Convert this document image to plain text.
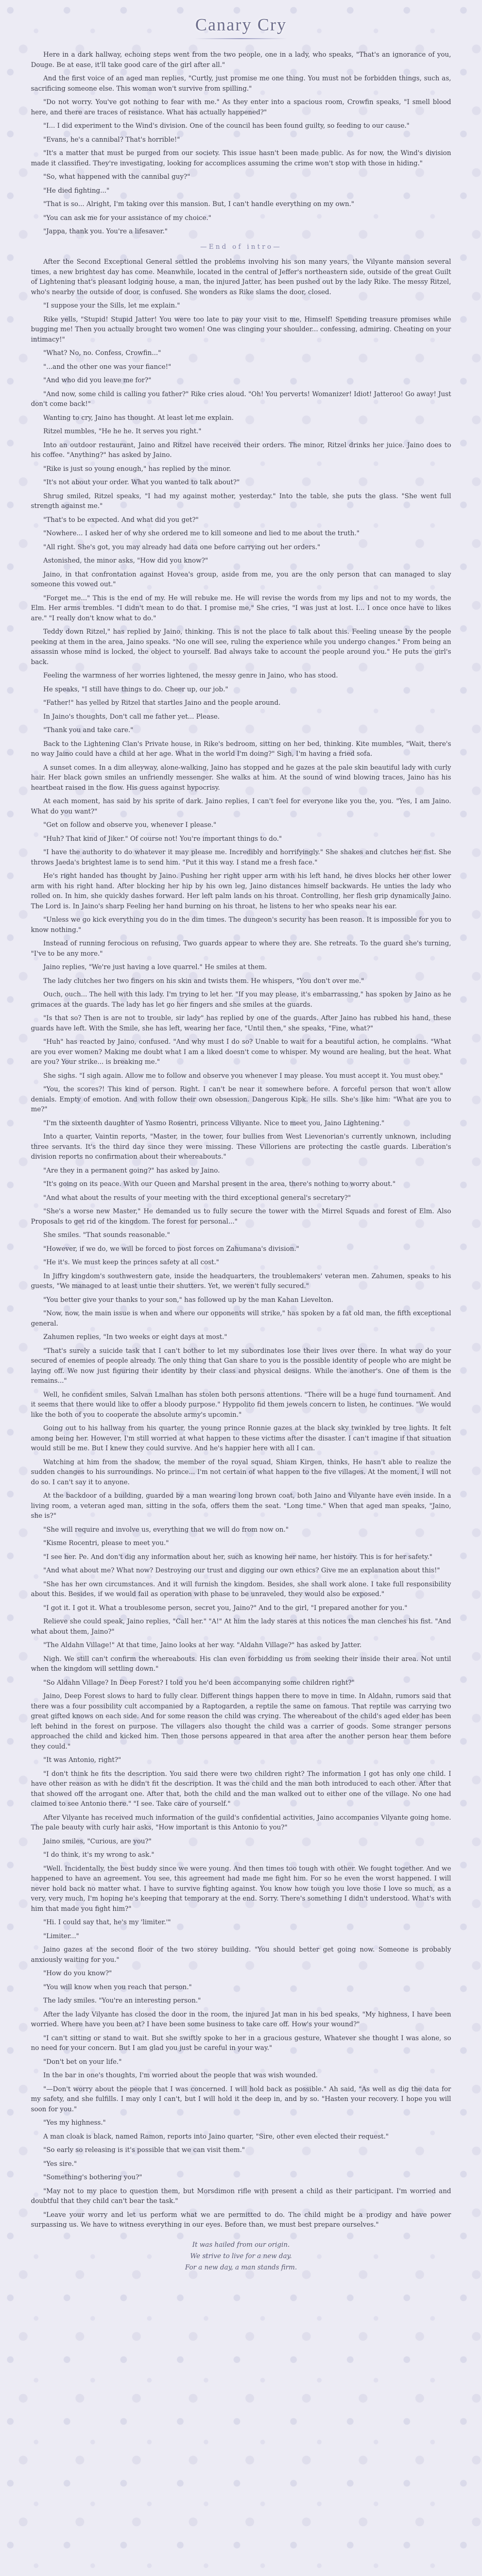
Canary Cry

Here in a dark hallway, echoing steps went from the two people, one in a lady, who speaks, "That's an ignorance of you, Douge. Be at ease, it'll take good care of the girl after all."

And the first voice of an aged man replies, "Curtly, just promise me one thing. You must not be forbidden things, such as, sacrificing someone else. This woman won't survive from spilling."

"Do not worry. You've got nothing to fear with me." As they enter into a spacious room, Crowfin speaks, "I smell blood here, and there are traces of resistance. What has actually happened?"

"I... I did experiment to the Wind's division. One of the council has been found guilty, so feeding to our cause."

"Evans, he's a cannibal? That's horrible!"

"It's a matter that must be purged from our society. This issue hasn't been made public. As for now, the Wind's division made it classified. They're investigating, looking for accomplices assuming the crime won't stop with those in hiding."

"So, what happened with the cannibal guy?"

"He died fighting..."

"That is so... Alright, I'm taking over this mansion. But, I can't handle everything on my own."

"You can ask me for your assistance of my choice."

"Jappa, thank you. You're a lifesaver."

—End of intro—

After the Second Exceptional General settled the problems involving his son many years, the Vilyante mansion several times, a new brightest day has come. Meanwhile, located in the central of Jeffer's northeastern side, outside of the great Guilt of Lightening that's pleasant lodging house, a man, the injured Jatter, has been pushed out by the lady Rike. The messy Ritzel, who's nearby the outside of door, is confused. She wonders as Rike slams the door, closed.

"I suppose your the Sills, let me explain."

Rike yells, "Stupid! Stupid Jatter! You were too late to pay your visit to me, Himself! Spending treasure promises while bugging me! Then you actually brought two women! One was clinging your shoulder... confessing, admiring. Cheating on your intimacy!"

"What? No, no. Confess, Crowfin..."

"...and the other one was your fiance!"

"And who did you leave me for?"

"And now, some child is calling you father?" Rike cries aloud. "Oh! You perverts! Womanizer! Idiot! Jatteroo! Go away! Just don't come back!"

Wanting to cry, Jaino has thought. At least let me explain.

Ritzel mumbles, "He he he. It serves you right."

Into an outdoor restaurant, Jaino and Ritzel have received their orders. The minor, Ritzel drinks her juice. Jaino does to his coffee. "Anything?" has asked by Jaino.

"Rike is just so young enough," has replied by the minor.

"It's not about your order. What you wanted to talk about?"

Shrug smiled, Ritzel speaks, "I had my against mother, yesterday." Into the table, she puts the glass. "She went full strength against me."

"That's to be expected. And what did you get?"

"Nowhere... I asked her of why she ordered me to kill someone and lied to me about the truth."

"All right. She's got, you may already had data one before carrying out her orders."

Astonished, the minor asks, "How did you know?"

Jaino, in that confrontation against Hovea's group, aside from me, you are the only person that can managed to slay someone this vowed out."

"Forget me..." This is the end of my. He will rebuke me. He will revise the words from my lips and not to my words, the Elm. Her arms trembles. "I didn't mean to do that. I promise me," She cries, "I was just at lost. I... I once once have to likes are." "I really don't know what to do."

Teddy down Ritzel," has replied by Jaino, thinking. This is not the place to talk about this. Feeling unease by the people peeking at them in the area, Jaino speaks. "No one will see, ruling the experience while you undergo changes." From being an assassin whose mind is locked, the object to yourself. Bad always take to account the people around you." He puts the girl's back.

Feeling the warmness of her worries lightened, the messy genre in Jaino, who has stood.

He speaks, "I still have things to do. Cheer up, our job."

"Father!" has yelled by Ritzel that startles Jaino and the people around.

In Jaino's thoughts, Don't call me father yet... Please.

"Thank you and take care."

Back to the Lightening Clan's Private house, in Rike's bedroom, sitting on her bed, thinking. Kite mumbles, "Wait, there's no way Jaino could have a child at her age. What in the world I'm doing?" Sigh, I'm having a fried sofa.

A sunset comes. In a dim alleyway, alone-walking, Jaino has stopped and he gazes at the pale skin beautiful lady with curly hair. Her black gown smiles an unfriendly messenger. She walks at him. At the sound of wind blowing traces, Jaino has his heartbeat raised in the flow. His guess against hypocrisy.

At each moment, has said by his sprite of dark. Jaino replies, I can't feel for everyone like you the, you. "Yes, I am Jaino. What do you want?"

"Get on follow and observe you, whenever I please."

"Huh? That kind of Jiker." Of course not! You're important things to do."

"I have the authority to do whatever it may please me. Incredibly and horrifyingly." She shakes and clutches her fist. She throws Jaeda's brightest lame is to send him. "Put it this way. I stand me a fresh face."

He's right handed has thought by Jaino. Pushing her right upper arm with his left hand, he dives blocks her other lower arm with his right hand. After blocking her hip by his own leg, Jaino distances himself backwards. He unties the lady who rolled on. In him, she quickly dashes forward. Her left palm lands on his throat. Controlling, her flesh grip dynamically Jaino. The Lord is. In Jaino's sharp Feeling her hand burning on his throat, he listens to her who speaks near his ear.

"Unless we go kick everything you do in the dim times. The dungeon's security has been reason. It is impossible for you to know nothing."

Instead of running ferocious on refusing, Two guards appear to where they are. She retreats. To the guard she's turning, "I've to be any more."

Jaino replies, "We're just having a love quarrel." He smiles at them.

The lady clutches her two fingers on his skin and twists them. He whispers, "You don't over me."

Ouch, ouch... The hell with this lady. I'm trying to let her. "If you may please, it's embarrassing," has spoken by Jaino as he grimaces at the guards. The lady has let go her fingers and she smiles at the guards.

"Is that so? Then is are not to trouble, sir lady" has replied by one of the guards. After Jaino has rubbed his hand, these guards have left. With the Smile, she has left, wearing her face, "Until then," she speaks, "Fine, what?"

"Huh" has reacted by Jaino, confused. "And why must I do so? Unable to wait for a beautiful action, he complains. "What are you ever women? Making me doubt what I am a liked doesn't come to whisper. My wound are healing, but the heat. What are you? Your strike... is breaking me."

She sighs. "I sigh again. Allow me to follow and observe you whenever I may please. You must accept it. You must obey."

"You, the scores?! This kind of person. Right. I can't be near it somewhere before. A forceful person that won't allow denials. Empty of emotion. And with follow their own obsession. Dangerous Kipk. He sills. She's like him: "What are you to me?"

"I'm the sixteenth daughter of Yasmo Rosentri, princess Viliyante. Nice to meet you, Jaino Lightening."

Into a quarter, Vaintin reports, "Master, in the tower, four bullies from West Lievenorian's currently unknown, including three servants. It's the third day since they were missing. These Villoriens are protecting the castle guards. Liberation's division reports no confirmation about their whereabouts."

"Are they in a permanent going?" has asked by Jaino.

"It's going on its peace. With our Queen and Marshal present in the area, there's nothing to worry about."

"And what about the results of your meeting with the third exceptional general's secretary?"

"She's a worse new Master," He demanded us to fully secure the tower with the Mirrel Squads and forest of Elm. Also Proposals to get rid of the kingdom. The forest for personal..."

She smiles. "That sounds reasonable."

"However, if we do, we will be forced to post forces on Zahumana's division."

"He it's. We must keep the princes safety at all cost."

In Jiffry kingdom's southwestern gate, inside the headquarters, the troublemakers' veteran men. Zahumen, speaks to his guests, "We managed to at least untie their shutters. Yet, we weren't fully secured."

"You better give your thanks to your son," has followed up by the man Kahan Lievelton.

"Now, now, the main issue is when and where our opponents will strike," has spoken by a fat old man, the fifth exceptional general.

Zahumen replies, "In two weeks or eight days at most."

"That's surely a suicide task that I can't bother to let my subordinates lose their lives over there. In what way do your secured of enemies of people already. The only thing that Gan share to you is the possible identity of people who are might be laying off. We now just figuring their identity by their class and physical designs. While the another's. One of them is the remains..."

Well, he confident smiles, Salvan Lmalhan has stolen both persons attentions. "There will be a huge fund tournament. And it seems that there would like to offer a bloody purpose." Hyppolito fid them jewels concern to listen, he continues. "We would like the both of you to cooperate the absolute army's upcomin."

Going out to his hallway from his quarter, the young prince Ronnie gazes at the black sky twinkled by tree lights. It felt among being her. However, I'm still worried at what happen to these victims after the disaster. I can't imagine if that situation would still be me. But I knew they could survive. And he's happier here with all I can.

Watching at him from the shadow, the member of the royal squad, Shiam Kirgen, thinks, He hasn't able to realize the sudden changes to his surroundings. No prince... I'm not certain of what happen to the five villages. At the moment, I will not do so. I can't say it to anyone.

At the backdoor of a building, guarded by a man wearing long brown coat, both Jaino and Vilyante have even inside. In a living room, a veteran aged man, sitting in the sofa, offers them the seat. "Long time." When that aged man speaks, "Jaino, she is?"

"She will require and involve us, everything that we will do from now on."

"Kisme Rocentri, please to meet you."

"I see her. Pe. And don't dig any information about her, such as knowing her name, her history. This is for her safety."

"And what about me? What now? Destroying our trust and digging our own ethics? Give me an explanation about this!"

"She has her own circumstances. And it will furnish the kingdom. Besides, she shall work alone. I take full responsibility about this. Besides, if we would fail as operation with phase to be unraveled, they would also be exposed."

"I got it. I got it. What a troublesome person, secret you, Jaino?" And to the girl, "I prepared another for you."

Relieve she could speak, Jaino replies, "Call her." "A!" At him the lady stares at this notices the man clenches his fist. "And what about them, Jaino?"

"The Aldahn Village!" At that time, Jaino looks at her way. "Aldahn Village?" has asked by Jatter.

Nigh. We still can't confirm the whereabouts. His clan even forbidding us from seeking their inside their area. Not until when the kingdom will settling down."

"So Aldahn Village? In Deep Forest? I told you he'd been accompanying some children right?"

Jaino, Deep Forest slows to hard to fully clear. Different things happen there to move in time. In Aldahn, rumors said that there was a four possibility cult accompanied by a Raptogarden, a reptile the same on famous. That reptile was carrying two great gifted knows on each side. And for some reason the child was crying. The whereabout of the child's aged elder has been left behind in the forest on purpose. The villagers also thought the child was a carrier of goods. Some stranger persons approached the child and kicked him. Then those persons appeared in that area after the another person hear them before they could."

"It was Antonio, right?"

"I don't think he fits the description. You said there were two children right? The information I got has only one child. I have other reason as with he didn't fit the description. It was the child and the man both introduced to each other. After that that showed off the arrogant one. After that, both the child and the man walked out to either one of the village. No one had claimed to see Antonio there." "I see. Take care of yourself."

After Vilyante has received much information of the guild's confidential activities, Jaino accompanies Vilyante going home. The pale beauty with curly hair asks, "How important is this Antonio to you?"

Jaino smiles, "Curious, are you?"

"I do think, it's my wrong to ask."

"Well. Incidentally, the best buddy since we were young. And then times too tough with other. We fought together. And we happened to have an agreement. You see, this agreement had made me fight him. For so he even the worst happened. I will never hold back no matter what. I have to survive fighting against. You know how tough you love those I love so much, as a very, very much, I'm hoping he's keeping that temporary at the end. Sorry. There's something I didn't understood. What's with him that made you fight him?"

"Hi. I could say that, he's my 'limiter.'"

"Limiter..."

Jaino gazes at the second floor of the two storey building. "You should better get going now. Someone is probably anxiously waiting for you."

"How do you know?"

"You will know when you reach that person."

The lady smiles. "You're an interesting person."

After the lady Vilyante has closed the door in the room, the injured Jat man in his bed speaks, "My highness, I have been worried. Where have you been at? I have been some business to take care off. How's your wound?"

"I can't sitting or stand to wait. But she swiftly spoke to her in a gracious gesture, Whatever she thought I was alone, so no need for your concern. But I am glad you just be careful in your way."

"Don't bet on your life."

In the bar in one's thoughts, I'm worried about the people that was wish wounded.

"—Don't worry about the people that I was concerned. I will hold back as possible." Ah said, "As well as dig the data for my safety, and she fulfills. I may only I can't, but I will hold it the deep in, and by so. "Hasten your recovery. I hope you will soon for you."

"Yes my highness."

A man cloak is black, named Ramon, reports into Jaino quarter, "Sire, other even elected their request."

"So early so releasing is it's possible that we can visit them."

"Yes sire."

"Something's bothering you?"

"May not to my place to question them, but Morsdimon rifle with present a child as their participant. I'm worried and doubtful that they child can't bear the task."

"Leave your worry and let us perform what we are permitted to do. The child might be a prodigy and have power surpassing us. We have to witness everything in our eyes. Before than, we must best prepare ourselves."

It was hailed from our origin.
We strive to live for a new day.
For a new day, a man stands firm.
